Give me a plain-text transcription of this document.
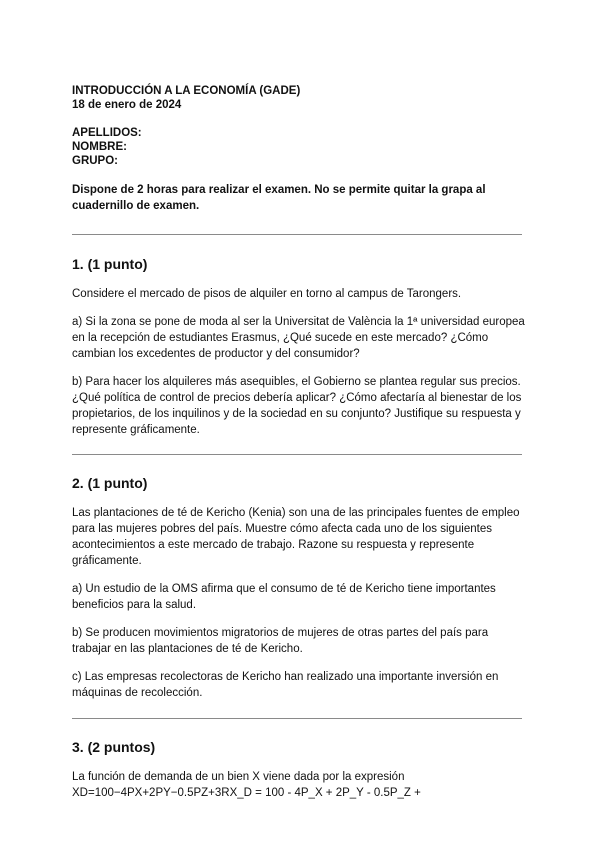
INTRODUCCIÓN A LA ECONOMÍA (GADE)

18 de enero de 2024

APELLIDOS:

NOMBRE:

GRUPO:

Dispone de 2 horas para realizar el examen. No se permite quitar la grapa al cuadernillo de examen.

1. (1 punto)

Considere el mercado de pisos de alquiler en torno al campus de Tarongers.

a) Si la zona se pone de moda al ser la Universitat de València la 1ª universidad europea en la recepción de estudiantes Erasmus, ¿Qué sucede en este mercado? ¿Cómo cambian los excedentes de productor y del consumidor?

b) Para hacer los alquileres más asequibles, el Gobierno se plantea regular sus precios. ¿Qué política de control de precios debería aplicar? ¿Cómo afectaría al bienestar de los propietarios, de los inquilinos y de la sociedad en su conjunto? Justifique su respuesta y represente gráficamente.

2. (1 punto)

Las plantaciones de té de Kericho (Kenia) son una de las principales fuentes de empleo para las mujeres pobres del país. Muestre cómo afecta cada uno de los siguientes acontecimientos a este mercado de trabajo. Razone su respuesta y represente gráficamente.

a) Un estudio de la OMS afirma que el consumo de té de Kericho tiene importantes beneficios para la salud.

b) Se producen movimientos migratorios de mujeres de otras partes del país para trabajar en las plantaciones de té de Kericho.

c) Las empresas recolectoras de Kericho han realizado una importante inversión en máquinas de recolección.

3. (2 puntos)

La función de demanda de un bien X viene dada por la expresión

XD=100−4PX+2PY−0.5PZ+3RX_D = 100 - 4P_X + 2P_Y - 0.5P_Z +
